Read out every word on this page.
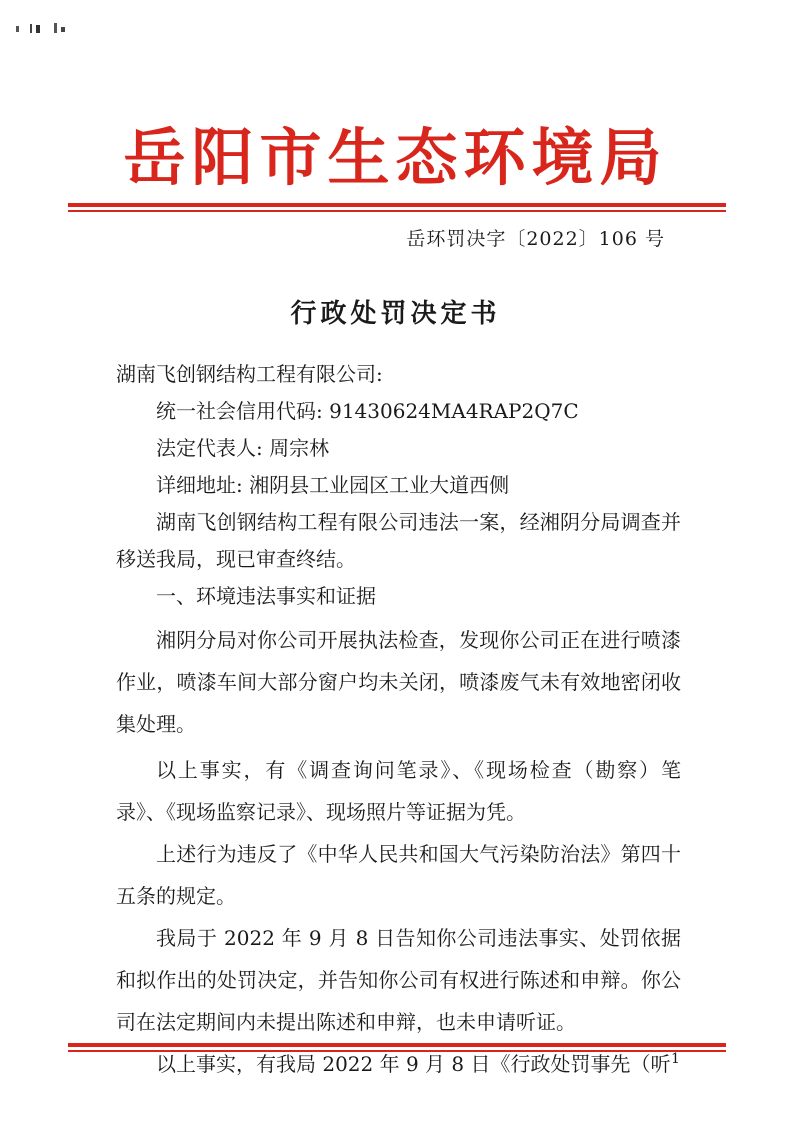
岳阳市生态环境局
岳环罚决字〔2022〕106 号
行政处罚决定书

湖南飞创钢结构工程有限公司:

统一社会信用代码: 91430624MA4RAP2Q7C

法定代表人: 周宗林

详细地址: 湘阴县工业园区工业大道西侧

湖南飞创钢结构工程有限公司违法一案，经湘阴分局调查并移送我局，现已审查终结。

一、环境违法事实和证据

湘阴分局对你公司开展执法检查，发现你公司正在进行喷漆作业，喷漆车间大部分窗户均未关闭，喷漆废气未有效地密闭收集处理。

以上事实，有《调查询问笔录》、《现场检查（勘察）笔录》、《现场监察记录》、现场照片等证据为凭。

上述行为违反了《中华人民共和国大气污染防治法》第四十五条的规定。

我局于 2022 年 9 月 8 日告知你公司违法事实、处罚依据和拟作出的处罚决定，并告知你公司有权进行陈述和申辩。你公司在法定期间内未提出陈述和申辩，也未申请听证。

以上事实，有我局 2022 年 9 月 8 日《行政处罚事先（听 1
